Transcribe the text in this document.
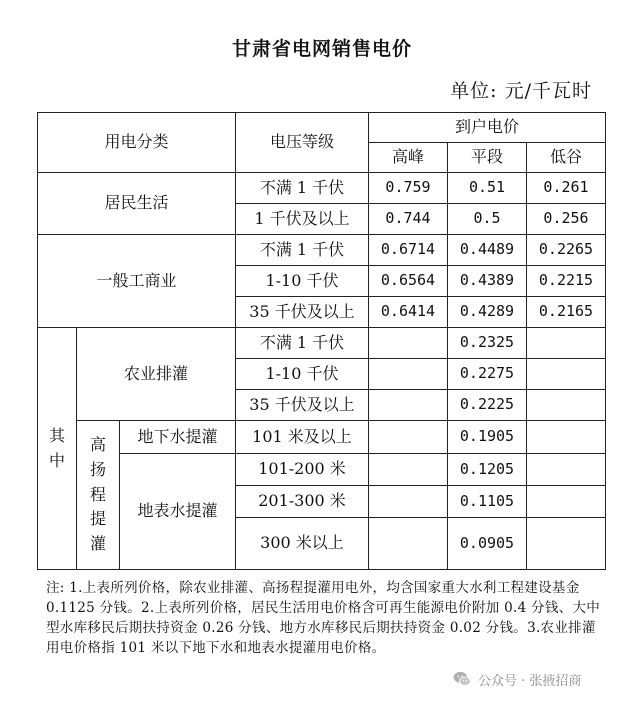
甘肃省电网销售电价
单位: 元/千瓦时
用电分类			电压等级	到户电价		
				高峰	平段	低谷
居民生活			不满 1 千伏	0.759	0.51	0.261
			1 千伏及以上	0.744	0.5	0.256
一般工商业			不满 1 千伏	0.6714	0.4489	0.2265
			1-10 千伏	0.6564	0.4389	0.2215
			35 千伏及以上	0.6414	0.4289	0.2165
其中	农业排灌		不满 1 千伏		0.2325	
			1-10 千伏		0.2275	
			35 千伏及以上		0.2225	
	高扬程提灌	地下水提灌	101 米及以上		0.1905	
		地表水提灌	101-200 米		0.1205	
			201-300 米		0.1105	
			300 米以上		0.0905	
注: 1.上表所列价格，除农业排灌、高扬程提灌用电外，均含国家重大水利工程建设基金 0.1125 分钱。2.上表所列价格，居民生活用电价格含可再生能源电价附加 0.4 分钱、大中型水库移民后期扶持资金 0.26 分钱、地方水库移民后期扶持资金 0.02 分钱。3.农业排灌用电价格指 101 米以下地下水和地表水提灌用电价格。
公众号 · 张掖招商
